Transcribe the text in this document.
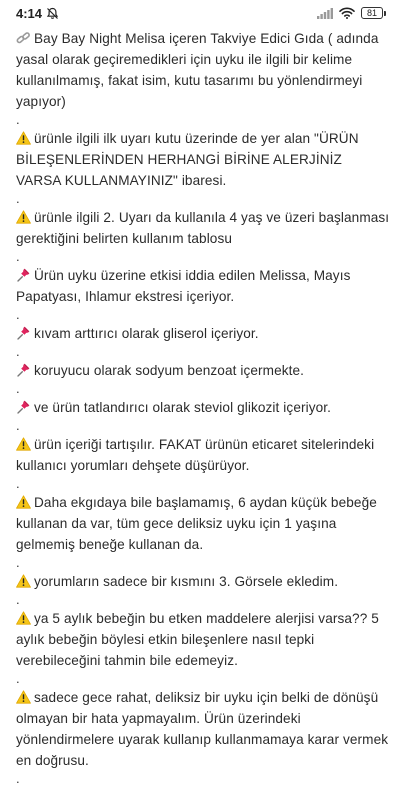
4:14	81

Bay Bay Night Melisa içeren Takviye Edici Gıda ( adında yasal olarak geçiremedikleri için uyku ile ilgili bir kelime kullanılmamış, fakat isim, kutu tasarımı bu yönlendirmeyi yapıyor)

.

ürünle ilgili ilk uyarı kutu üzerinde de yer alan "ÜRÜN BİLEŞENLERİNDEN HERHANGİ BİRİNE ALERJİNİZ VARSA KULLANMAYINIZ" ibaresi.

.

ürünle ilgili 2. Uyarı da kullanıla 4 yaş ve üzeri başlanması gerektiğini belirten kullanım tablosu

.

Ürün uyku üzerine etkisi iddia edilen Melissa, Mayıs Papatyası, Ihlamur ekstresi içeriyor.

.

kıvam arttırıcı olarak gliserol içeriyor.

.

koruyucu olarak sodyum benzoat içermekte.

.

ve ürün tatlandırıcı olarak steviol glikozit içeriyor.

.

ürün içeriği tartışılır. FAKAT ürünün eticaret sitelerindeki kullanıcı yorumları dehşete düşürüyor.

.

Daha ekgıdaya bile başlamamış, 6 aydan küçük bebeğe kullanan da var, tüm gece deliksiz uyku için 1 yaşına gelmemiş beneğe kullanan da.

.

yorumların sadece bir kısmını 3. Görsele ekledim.

.

ya 5 aylık bebeğin bu etken maddelere alerjisi varsa?? 5 aylık bebeğin böylesi etkin bileşenlere nasıl tepki verebileceğini tahmin bile edemeyiz.

.

sadece gece rahat, deliksiz bir uyku için belki de dönüşü olmayan bir hata yapmayalım. Ürün üzerindeki yönlendirmelere uyarak kullanıp kullanmamaya karar vermek en doğrusu.

.
